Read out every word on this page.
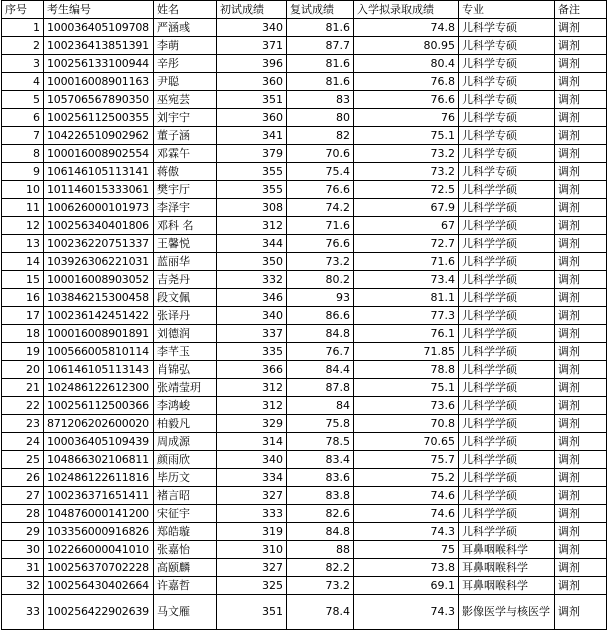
序号	考生编号	姓名	初试成绩	复试成绩	入学拟录取成绩	专业	备注
1	100036405109708	严涵彧	340	81.6	74.8	儿科学专硕	调剂
2	100236413851391	李萌	371	87.7	80.95	儿科学专硕	调剂
3	100256133100944	辛彤	396	81.6	80.4	儿科学专硕	调剂
4	100016008901163	尹聪	360	81.6	76.8	儿科学专硕	调剂
5	105706567890350	巫宛芸	351	83	76.6	儿科学专硕	调剂
6	100256112500355	刘宇宁	360	80	76	儿科学专硕	调剂
7	104226510902962	董子涵	341	82	75.1	儿科学专硕	调剂
8	100016008902554	邓霖午	379	70.6	73.2	儿科学专硕	调剂
9	106146105113141	蒋傲	355	75.4	73.2	儿科学专硕	调剂
10	101146015333061	樊宇厅	355	76.6	72.5	儿科学学硕	调剂
11	100626000101973	李泽宇	308	74.2	67.9	儿科学学硕	调剂
12	100256340401806	邓科 名	312	71.6	67	儿科学学硕	调剂
13	100236220751337	王馨悦	344	76.6	72.7	儿科学学硕	调剂
14	103926306221031	蓝丽华	350	73.2	71.6	儿科学学硕	调剂
15	100016008903052	吉尧丹	332	80.2	73.4	儿科学学硕	调剂
16	103846215300458	段文佩	346	93	81.1	儿科学学硕	调剂
17	100236142451422	张译丹	340	86.6	77.3	儿科学学硕	调剂
18	100016008901891	刘德润	337	84.8	76.1	儿科学学硕	调剂
19	100566005810114	李芊玉	335	76.7	71.85	儿科学学硕	调剂
20	106146105113143	肖锦弘	366	84.4	78.8	儿科学学硕	调剂
21	102486122612300	张靖莹玥	312	87.8	75.1	儿科学学硕	调剂
22	100256112500366	李鸿峻	312	84	73.6	儿科学学硕	调剂
23	871206202600020	柏毅凡	329	75.8	70.8	儿科学学硕	调剂
24	100036405109439	周成源	314	78.5	70.65	儿科学学硕	调剂
25	104866302106811	颜雨欣	340	83.4	75.7	儿科学学硕	调剂
26	102486122611816	毕历文	334	83.6	75.2	儿科学学硕	调剂
27	100236371651411	褚言昭	327	83.8	74.6	儿科学学硕	调剂
28	104876000141200	宋征宇	333	82.6	74.6	儿科学学硕	调剂
29	103356000916826	郑皓璇	319	84.8	74.3	儿科学学硕	调剂
30	102266000041010	张嘉怡	310	88	75	耳鼻咽喉科学	调剂
31	100256370702228	高颐麟	327	82.2	73.8	耳鼻咽喉科学	调剂
32	100256430402664	许嘉哲	325	73.2	69.1	耳鼻咽喉科学	调剂
33	100256422902639	马文雁	351	78.4	74.3	影像医学与核医学	调剂
